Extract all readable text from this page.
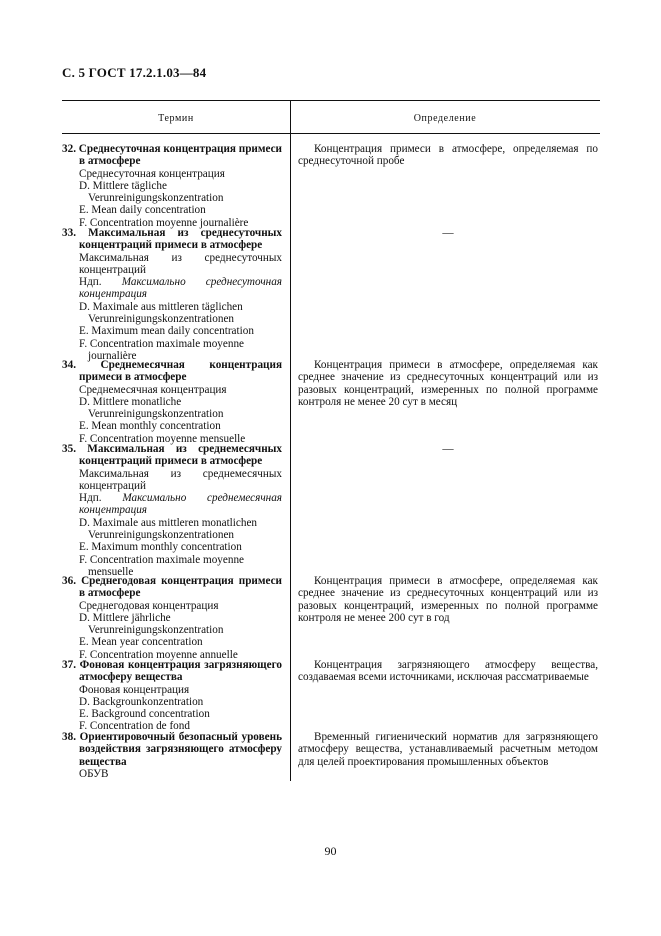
С. 5 ГОСТ 17.2.1.03—84
Термин	Определение
32. Среднесуточная концентрация примеси в атмосфере
Среднесуточная концентрация
D. Mittlere tägliche Verunreinigungskonzentration
E. Mean daily concentration
F. Concentration moyenne journalière
33. Максимальная из среднесуточных концентраций примеси в атмосфере
Максимальная из среднесуточных концентраций
Ндп. Максимально среднесуточная концентрация
D. Maximale aus mittleren täglichen Verunreinigungskonzentrationen
E. Maximum mean daily concentration
F. Concentration maximale moyenne journalière
34. Среднемесячная концентрация примеси в атмосфере
Среднемесячная концентрация
D. Mittlere monatliche Verunreinigungskonzentration
E. Mean monthly concentration
F. Concentration moyenne mensuelle
35. Максимальная из среднемесячных концентраций примеси в атмосфере
Максимальная из среднемесячных концентраций
Ндп. Максимально среднемесячная концентрация
D. Maximale aus mittleren monatlichen Verunreinigungskonzentrationen
E. Maximum monthly concentration
F. Concentration maximale moyenne mensuelle
36. Среднегодовая концентрация примеси в атмосфере
Среднегодовая концентрация
D. Mittlere jährliche Verunreinigungskonzentration
E. Mean year concentration
F. Concentration moyenne annuelle
37. Фоновая концентрация загрязняющего атмосферу вещества
Фоновая концентрация
D. Backgrounkonzentration
E. Background concentration
F. Concentration de fond
38. Ориентировочный безопасный уровень воздействия загрязняющего атмосферу вещества
ОБУВ
Концентрация примеси в атмосфере, определяемая по среднесуточной пробе
—
Концентрация примеси в атмосфере, определяемая как среднее значение из среднесуточных концентраций или из разовых концентраций, измеренных по полной программе контроля не менее 20 сут в месяц
—
Концентрация примеси в атмосфере, определяемая как среднее значение из среднесуточных концентраций или из разовых концентраций, измеренных по полной программе контроля не менее 200 сут в год
Концентрация загрязняющего атмосферу вещества, создаваемая всеми источниками, исключая рассматриваемые
Временный гигиенический норматив для загрязняющего атмосферу вещества, устанавливаемый расчетным методом для целей проектирования промышленных объектов
90
